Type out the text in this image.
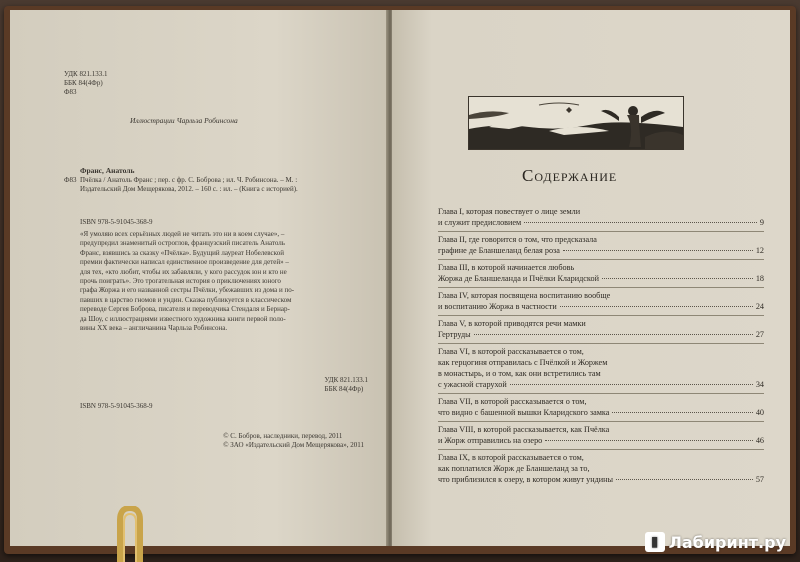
УДК 821.133.1
ББК 84(4Фр)
Ф83
Иллюстрации Чарльза Робинсона
Франс, Анатоль
Ф83 Пчёлка / Анатоль Франс ; пер. с фр. С. Боброва ; ил. Ч. Робинсона. – М. :
Издательский Дом Мещерякова, 2012. – 160 с. : ил. – (Книга с историей).
ISBN 978-5-91045-368-9
«Я умоляю всех серьёзных людей не читать это ни в коем случае», –
предупредил знаменитый остроглов, французский писатель Анатоль
Франс, взявшись за сказку «Пчёлка». Будущий лауреат Нобелевской
премии фактически написал единственное произведение для детей» –
для тех, «кто любит, чтобы их забавляли, у кого рассудок юн и кто не
прочь поиграть». Это трогательная история о приключениях юного
графа Жоржа и его названной сестры Пчёлки, убежавших из дома и по-
павших в царство гномов и ундин. Сказка публикуется в классическом
переводе Сергея Боброва, писателя и переводчика Стендаля и Бернар-
да Шоу, с иллюстрациями известного художника книги первой поло-
вины XX века – англичанина Чарльза Робинсона.
УДК 821.133.1
ББК 84(4Фр)
ISBN 978-5-91045-368-9
© С. Бобров, наследники, перевод, 2011
© ЗАО «Издательский Дом Мещерякова», 2011
Содержание
Глава I, которая повествует о лице земли
и служит предисловием	9
Глава II, где говорится о том, что предсказала
графине де Бланшеланд белая роза	12
Глава III, в которой начинается любовь
Жоржа де Бланшеланда и Пчёлки Кларидской	18
Глава IV, которая посвящена воспитанию вообще
и воспитанию Жоржа в частности	24
Глава V, в которой приводятся речи мамки
Гертруды	27
Глава VI, в которой рассказывается о том,
как герцогиня отправилась с Пчёлкой и Жоржем
в монастырь, и о том, как они встретились там
с ужасной старухой	34
Глава VII, в которой рассказывается о том,
что видно с башенной вышки Кларидского замка	40
Глава VIII, в которой рассказывается, как Пчёлка
и Жорж отправились на озеро	46
Глава IX, в которой рассказывается о том,
как поплатился Жорж де Бланшеланд за то,
что приблизился к озеру, в котором живут ундины	57
▮ Лабиринт.ру
